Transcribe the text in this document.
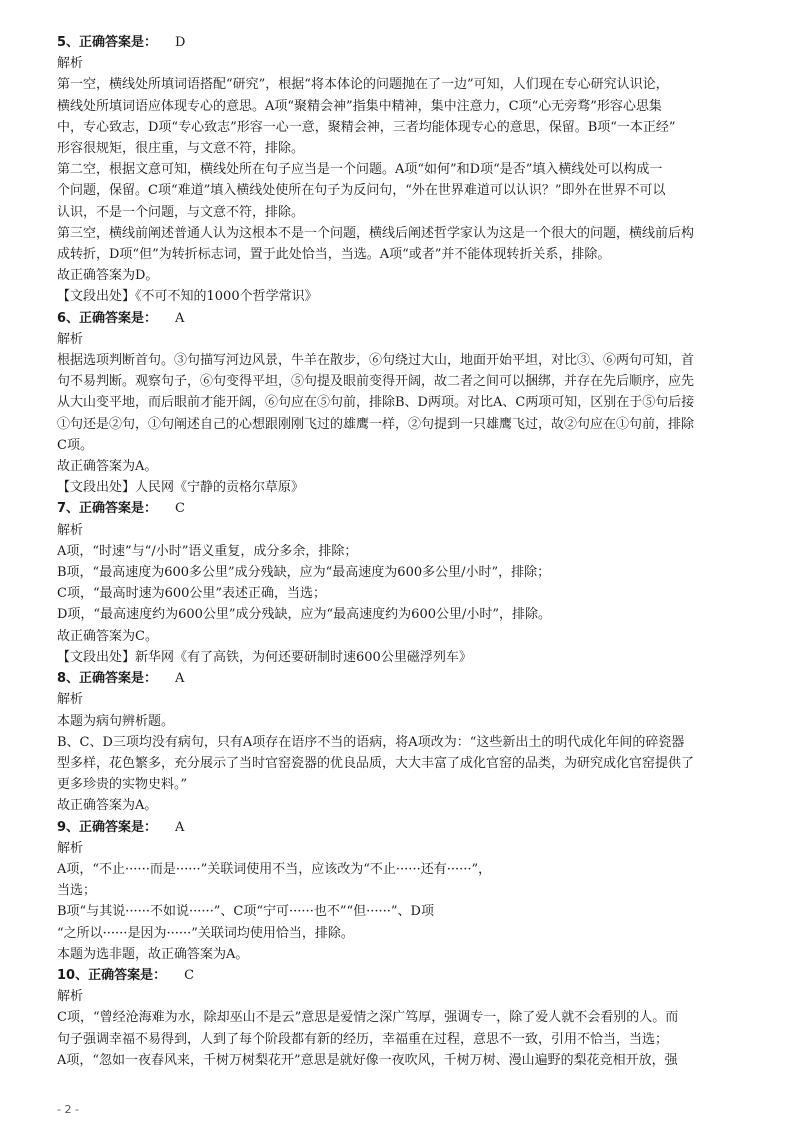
5、正确答案是： D
解析
第一空，横线处所填词语搭配“研究”，根据“将本体论的问题抛在了一边”可知，人们现在专心研究认识论，
横线处所填词语应体现专心的意思。A项“聚精会神”指集中精神，集中注意力，C项“心无旁骛”形容心思集
中，专心致志，D项“专心致志”形容一心一意，聚精会神，三者均能体现专心的意思，保留。B项“一本正经”
形容很规矩，很庄重，与文意不符，排除。
第二空，根据文意可知，横线处所在句子应当是一个问题。A项“如何”和D项“是否”填入横线处可以构成一
个问题，保留。C项“难道”填入横线处使所在句子为反问句，“外在世界难道可以认识？”即外在世界不可以
认识，不是一个问题，与文意不符，排除。
第三空，横线前阐述普通人认为这根本不是一个问题，横线后阐述哲学家认为这是一个很大的问题，横线前后构
成转折，D项“但”为转折标志词，置于此处恰当，当选。A项“或者”并不能体现转折关系，排除。
故正确答案为D。
【文段出处】《不可不知的1000个哲学常识》
6、正确答案是： A
解析
根据选项判断首句。③句描写河边风景，牛羊在散步，⑥句绕过大山，地面开始平坦，对比③、⑥两句可知，首
句不易判断。观察句子，⑥句变得平坦，⑤句提及眼前变得开阔，故二者之间可以捆绑，并存在先后顺序，应先
从大山变平地，而后眼前才能开阔，⑥句应在⑤句前，排除B、D两项。对比A、C两项可知，区别在于⑤句后接
①句还是②句，①句阐述自己的心想跟刚刚飞过的雄鹰一样，②句提到一只雄鹰飞过，故②句应在①句前，排除
C项。
故正确答案为A。
【文段出处】人民网《宁静的贡格尔草原》
7、正确答案是： C
解析
A项，“时速”与“/小时”语义重复，成分多余，排除；
B项，“最高速度为600多公里”成分残缺，应为“最高速度为600多公里/小时”，排除；
C项，“最高时速为600公里”表述正确，当选；
D项，“最高速度约为600公里”成分残缺，应为“最高速度约为600公里/小时”，排除。
故正确答案为C。
【文段出处】新华网《有了高铁，为何还要研制时速600公里磁浮列车》
8、正确答案是： A
解析
本题为病句辨析题。
B、C、D三项均没有病句，只有A项存在语序不当的语病，将A项改为：“这些新出土的明代成化年间的碎瓷器
型多样，花色繁多，充分展示了当时官窑瓷器的优良品质，大大丰富了成化官窑的品类，为研究成化官窑提供了
更多珍贵的实物史料。”
故正确答案为A。
9、正确答案是： A
解析
A项，“不止······而是······”关联词使用不当，应该改为“不止······还有······”，
当选；
B项“与其说······不如说······”、C项“宁可······也不”“但······”、D项
“之所以······是因为······”关联词均使用恰当，排除。
本题为选非题，故正确答案为A。
10、正确答案是： C
解析
C项，“曾经沧海难为水，除却巫山不是云”意思是爱情之深广笃厚，强调专一，除了爱人就不会看别的人。而
句子强调幸福不易得到，人到了每个阶段都有新的经历，幸福重在过程，意思不一致，引用不恰当，当选；
A项，“忽如一夜春风来，千树万树梨花开”意思是就好像一夜吹风，千树万树、漫山遍野的梨花竞相开放，强
- 2 -
